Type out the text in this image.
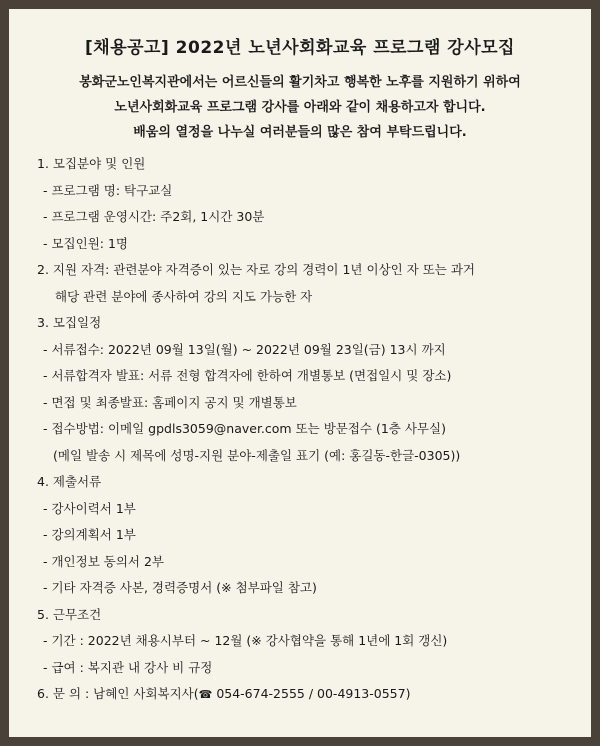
[채용공고] 2022년 노년사회화교육 프로그램 강사모집
봉화군노인복지관에서는 어르신들의 활기차고 행복한 노후를 지원하기 위하여
노년사회화교육 프로그램 강사를 아래와 같이 채용하고자 합니다.
배움의 열정을 나누실 여러분들의 많은 참여 부탁드립니다.
1. 모집분야 및 인원
- 프로그램 명: 탁구교실
- 프로그램 운영시간: 주2회, 1시간 30분
- 모집인원: 1명
2. 지원 자격: 관련분야 자격증이 있는 자로 강의 경력이 1년 이상인 자 또는 과거
해당 관련 분야에 종사하여 강의 지도 가능한 자
3. 모집일정
- 서류접수: 2022년 09월 13일(월) ~ 2022년 09월 23일(금) 13시 까지
- 서류합격자 발표: 서류 전형 합격자에 한하여 개별통보 (면접일시 및 장소)
- 면접 및 최종발표: 홈페이지 공지 및 개별통보
- 접수방법: 이메일 gpdls3059@naver.com 또는 방문접수 (1층 사무실)
(메일 발송 시 제목에 성명-지원 분야-제출일 표기 (예: 홍길동-한글-0305))
4. 제출서류
- 강사이력서 1부
- 강의계획서 1부
- 개인정보 동의서 2부
- 기타 자격증 사본, 경력증명서 (※ 첨부파일 참고)
5. 근무조건
- 기간 : 2022년 채용시부터 ~ 12월 (※ 강사협약을 통해 1년에 1회 갱신)
- 급여 : 복지관 내 강사 비 규정
6. 문 의 : 남혜인 사회복지사(☎ 054-674-2555 / 00-4913-0557)
